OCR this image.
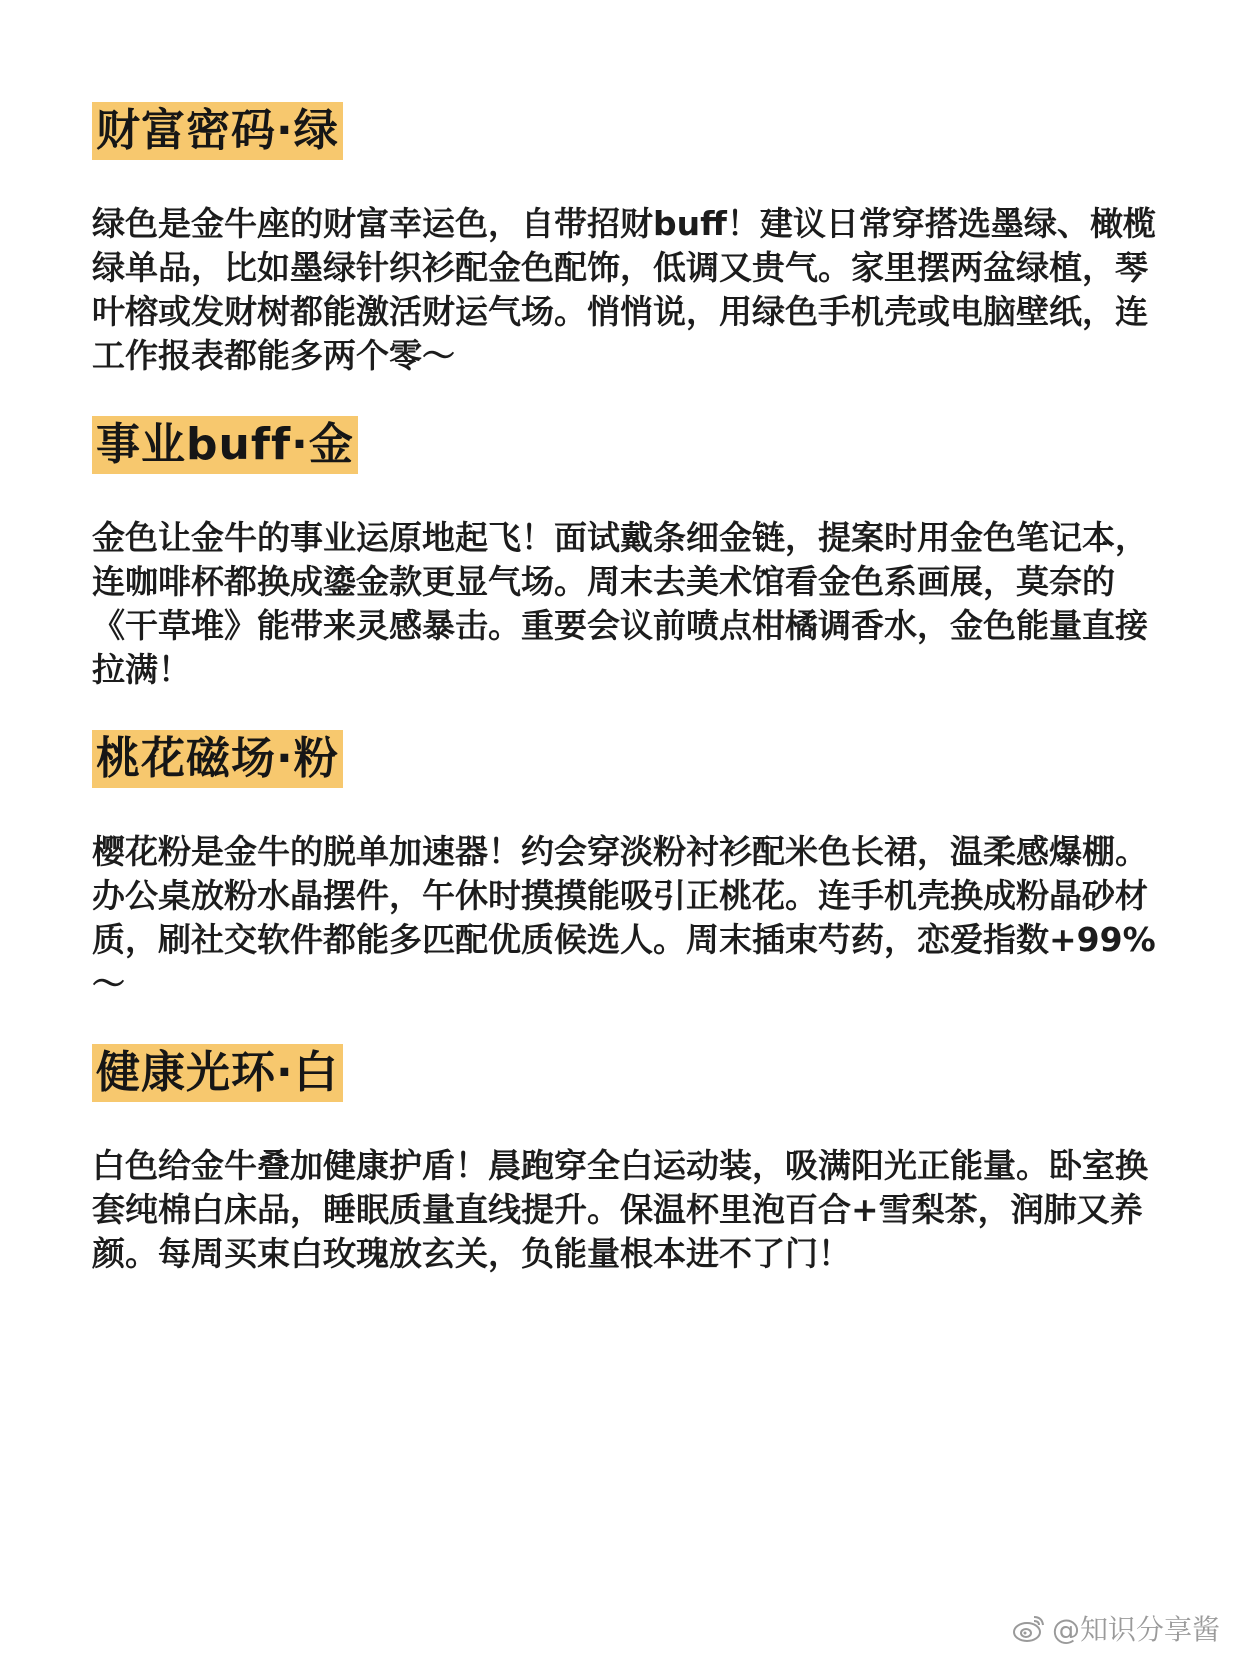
财富密码·绿

绿色是金牛座的财富幸运色，自带招财buff！建议日常穿搭选墨绿、橄榄绿单品，比如墨绿针织衫配金色配饰，低调又贵气。家里摆两盆绿植，琴叶榕或发财树都能激活财运气场。悄悄说，用绿色手机壳或电脑壁纸，连工作报表都能多两个零～

事业buff·金

金色让金牛的事业运原地起飞！面试戴条细金链，提案时用金色笔记本，连咖啡杯都换成鎏金款更显气场。周末去美术馆看金色系画展，莫奈的《干草堆》能带来灵感暴击。重要会议前喷点柑橘调香水，金色能量直接拉满！

桃花磁场·粉

樱花粉是金牛的脱单加速器！约会穿淡粉衬衫配米色长裙，温柔感爆棚。办公桌放粉水晶摆件，午休时摸摸能吸引正桃花。连手机壳换成粉晶砂材质，刷社交软件都能多匹配优质候选人。周末插束芍药，恋爱指数+99%～

健康光环·白

白色给金牛叠加健康护盾！晨跑穿全白运动装，吸满阳光正能量。卧室换套纯棉白床品，睡眠质量直线提升。保温杯里泡百合+雪梨茶，润肺又养颜。每周买束白玫瑰放玄关，负能量根本进不了门！

@知识分享酱
